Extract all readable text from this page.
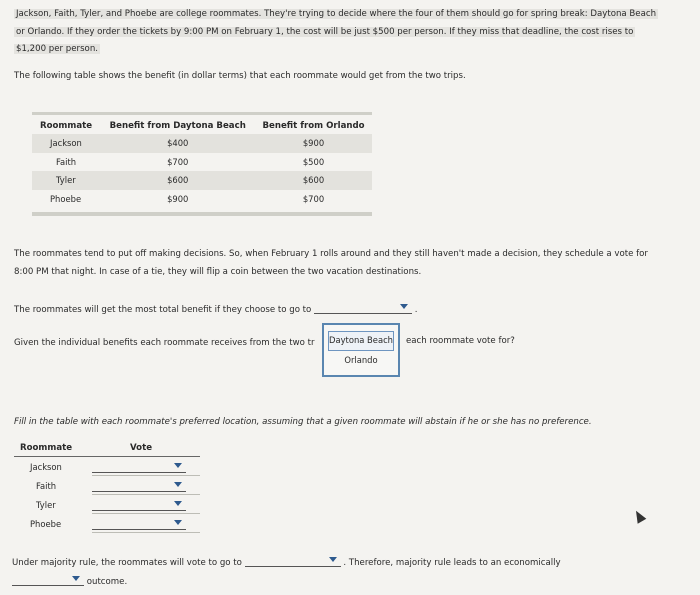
Jackson, Faith, Tyler, and Phoebe are college roommates. They're trying to decide where the four of them should go for spring break: Daytona Beach
or Orlando. If they order the tickets by 9:00 PM on February 1, the cost will be just $500 per person. If they miss that deadline, the cost rises to
$1,200 per person.
The following table shows the benefit (in dollar terms) that each roommate would get from the two trips.
Roommate	Benefit from Daytona Beach	Benefit from Orlando
Jackson	$400	$900
Faith	$700	$500
Tyler	$600	$600
Phoebe	$900	$700
The roommates tend to put off making decisions. So, when February 1 rolls around and they still haven't made a decision, they schedule a vote for
8:00 PM that night. In case of a tie, they will flip a coin between the two vacation destinations.
The roommates will get the most total benefit if they choose to go to	.
Given the individual benefits each roommate receives from the two tr	each roommate vote for?
Daytona Beach
Orlando
Fill in the table with each roommate's preferred location, assuming that a given roommate will abstain if he or she has no preference.
Roommate	Vote
Jackson
Faith
Tyler
Phoebe
Under majority rule, the roommates will vote to go to	. Therefore, majority rule leads to an economically
outcome.
